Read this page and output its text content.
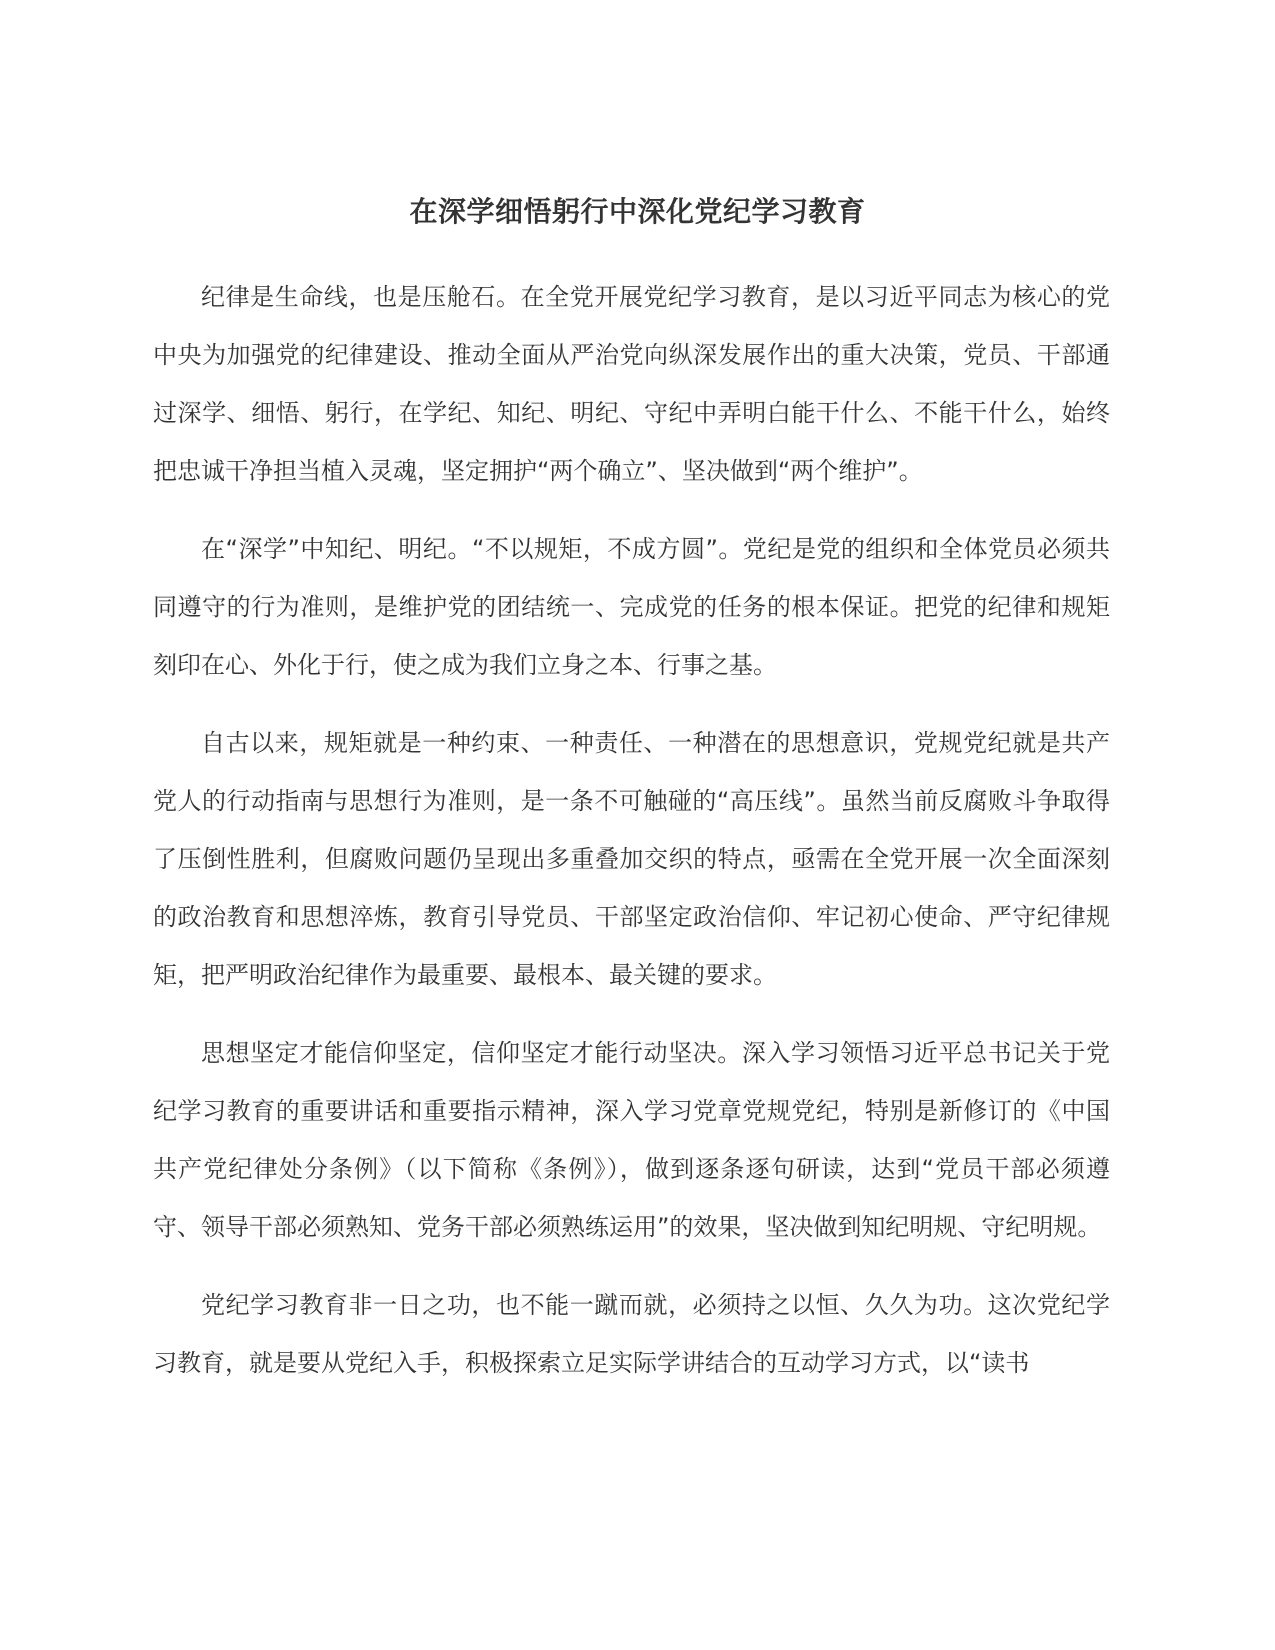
在深学细悟躬行中深化党纪学习教育

纪律是生命线，也是压舱石。在全党开展党纪学习教育，是以习近平同志为核心的党中央为加强党的纪律建设、推动全面从严治党向纵深发展作出的重大决策，党员、干部通过深学、细悟、躬行，在学纪、知纪、明纪、守纪中弄明白能干什么、不能干什么，始终把忠诚干净担当植入灵魂，坚定拥护“两个确立”、坚决做到“两个维护”。

在“深学”中知纪、明纪。“不以规矩，不成方圆”。党纪是党的组织和全体党员必须共同遵守的行为准则，是维护党的团结统一、完成党的任务的根本保证。把党的纪律和规矩刻印在心、外化于行，使之成为我们立身之本、行事之基。

自古以来，规矩就是一种约束、一种责任、一种潜在的思想意识，党规党纪就是共产党人的行动指南与思想行为准则，是一条不可触碰的“高压线”。虽然当前反腐败斗争取得了压倒性胜利，但腐败问题仍呈现出多重叠加交织的特点，亟需在全党开展一次全面深刻的政治教育和思想淬炼，教育引导党员、干部坚定政治信仰、牢记初心使命、严守纪律规矩，把严明政治纪律作为最重要、最根本、最关键的要求。

思想坚定才能信仰坚定，信仰坚定才能行动坚决。深入学习领悟习近平总书记关于党纪学习教育的重要讲话和重要指示精神，深入学习党章党规党纪，特别是新修订的《中国共产党纪律处分条例》（以下简称《条例》），做到逐条逐句研读，达到“党员干部必须遵守、领导干部必须熟知、党务干部必须熟练运用”的效果，坚决做到知纪明规、守纪明规。

党纪学习教育非一日之功，也不能一蹴而就，必须持之以恒、久久为功。这次党纪学习教育，就是要从党纪入手，积极探索立足实际学讲结合的互动学习方式，以“读书
